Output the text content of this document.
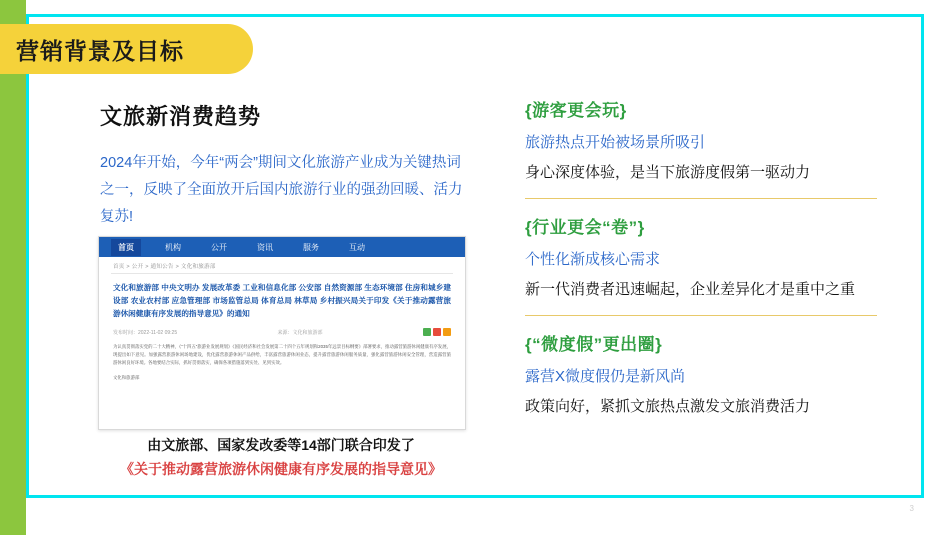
营销背景及目标
文旅新消费趋势
2024年开始，今年“两会”期间文化旅游产业成为关键热词之一，反映了全面放开后国内旅游行业的强劲回暖、活力复苏!
首页	机构	公开	资讯	服务	互动
首页 > 公开 > 通知公告 > 文化和旅游部
文化和旅游部 中央文明办 发展改革委 工业和信息化部 公安部 自然资源部 生态环境部 住房和城乡建设部 农业农村部 应急管理部 市场监管总局 体育总局 林草局 乡村振兴局关于印发《关于推动露营旅游休闲健康有序发展的指导意见》的通知
发布时间：2022-11-02 09:25	来源：文化和旅游部
为认真贯彻落实党的二十大精神，《“十四五”旅游业发展规划》《国民经济和社会发展第二十四个五年规划和2035年远景目标纲要》部署要求，推动露营旅游休闲健康有序发展，现提出如下意见。加强露营旅游休闲场地建设，优化露营旅游休闲产品供给，丰富露营旅游休闲业态，提升露营旅游休闲服务质量，强化露营旅游休闲安全管理，营造露营旅游休闲良好环境。各地要结合实际，抓好贯彻落实，确保各项措施落到实处、见到实效。
文化和旅游部
由文旅部、国家发改委等14部门联合印发了
《关于推动露营旅游休闲健康有序发展的指导意见》
{游客更会玩}
旅游热点开始被场景所吸引
身心深度体验，是当下旅游度假第一驱动力
{行业更会“卷”}
个性化渐成核心需求
新一代消费者迅速崛起，企业差异化才是重中之重
{“微度假”更出圈}
露营X微度假仍是新风尚
政策向好，紧抓文旅热点激发文旅消费活力
3
